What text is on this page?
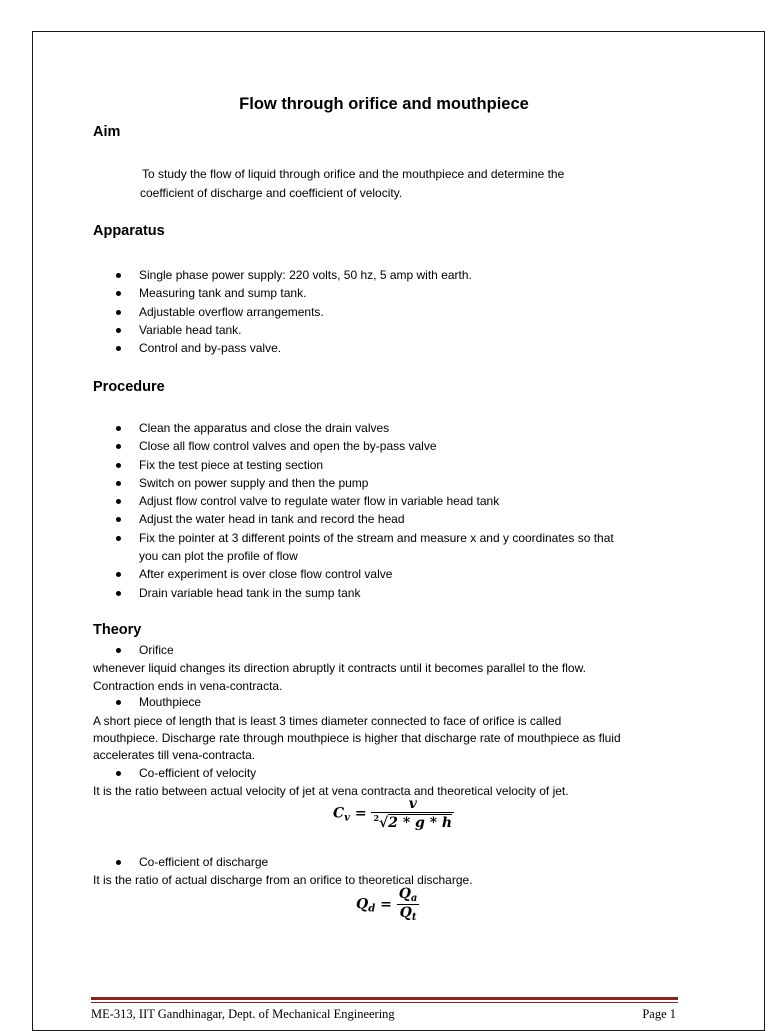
Flow through orifice and mouthpiece
Aim
To study the flow of liquid through orifice and the mouthpiece and determine the
coefficient of discharge and coefficient of velocity.
Apparatus
Single phase power supply: 220 volts, 50 hz, 5 amp with earth.
Measuring tank and sump tank.
Adjustable overflow arrangements.
Variable head tank.
Control and by-pass valve.
Procedure
Clean the apparatus and close the drain valves
Close all flow control valves and open the by-pass valve
Fix the test piece at testing section
Switch on power supply and then the pump
Adjust flow control valve to regulate water flow in variable head tank
Adjust the water head in tank and record the head
Fix the pointer at 3 different points of the stream and measure x and y coordinates so that
you can plot the profile of flow
After experiment is over close flow control valve
Drain variable head tank in the sump tank
Theory
Orifice
whenever liquid changes its direction abruptly it contracts until it becomes parallel to the flow.
Contraction ends in vena-contracta.
Mouthpiece
A short piece of length that is least 3 times diameter connected to face of orifice is called
mouthpiece. Discharge rate through mouthpiece is higher that discharge rate of mouthpiece as fluid
accelerates till vena-contracta.
Co-efficient of velocity
It is the ratio between actual velocity of jet at vena contracta and theoretical velocity of jet.
$C_v = \frac{v}{^2√2 * g * h}$
Co-efficient of discharge
It is the ratio of actual discharge from an orifice to theoretical discharge.
$Q_d = \frac{Q_a}{Q_t}$
ME-313, IIT Gandhinagar, Dept. of Mechanical Engineering	Page 1
